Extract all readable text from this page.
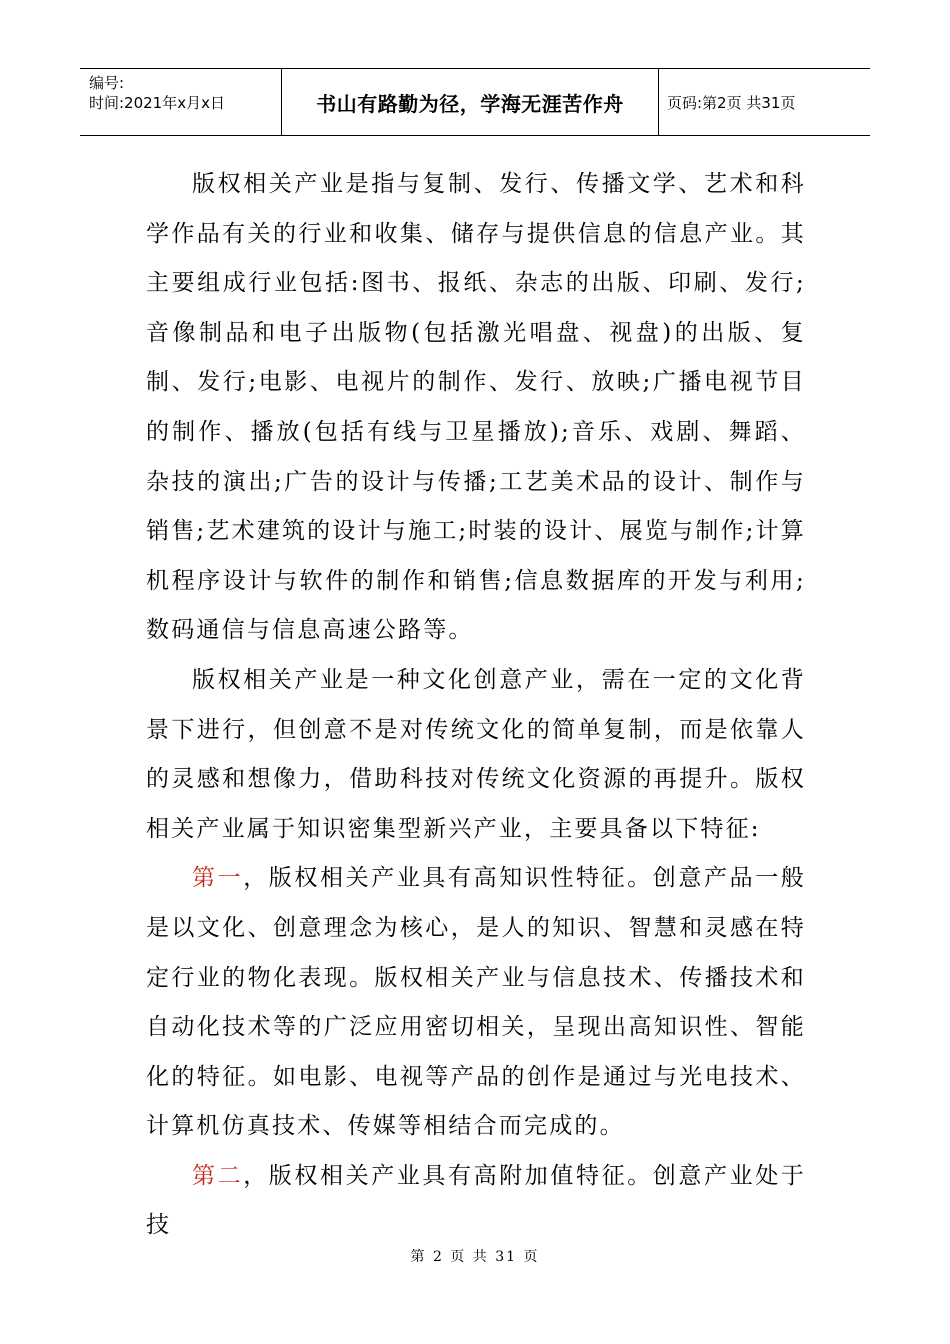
编号:
时间:2021年x月x日	书山有路勤为径，学海无涯苦作舟	页码:第2页 共31页

版权相关产业是指与复制、发行、传播文学、艺术和科学作品有关的行业和收集、储存与提供信息的信息产业。其主要组成行业包括:图书、报纸、杂志的出版、印刷、发行;音像制品和电子出版物(包括激光唱盘、视盘)的出版、复制、发行;电影、电视片的制作、发行、放映;广播电视节目的制作、播放(包括有线与卫星播放);音乐、戏剧、舞蹈、杂技的演出;广告的设计与传播;工艺美术品的设计、制作与销售;艺术建筑的设计与施工;时装的设计、展览与制作;计算机程序设计与软件的制作和销售;信息数据库的开发与利用;数码通信与信息高速公路等。

版权相关产业是一种文化创意产业，需在一定的文化背景下进行，但创意不是对传统文化的简单复制，而是依靠人的灵感和想像力，借助科技对传统文化资源的再提升。版权相关产业属于知识密集型新兴产业，主要具备以下特征:

第一，版权相关产业具有高知识性特征。创意产品一般是以文化、创意理念为核心，是人的知识、智慧和灵感在特定行业的物化表现。版权相关产业与信息技术、传播技术和自动化技术等的广泛应用密切相关，呈现出高知识性、智能化的特征。如电影、电视等产品的创作是通过与光电技术、计算机仿真技术、传媒等相结合而完成的。

第二，版权相关产业具有高附加值特征。创意产业处于技

第 2 页 共 31 页
